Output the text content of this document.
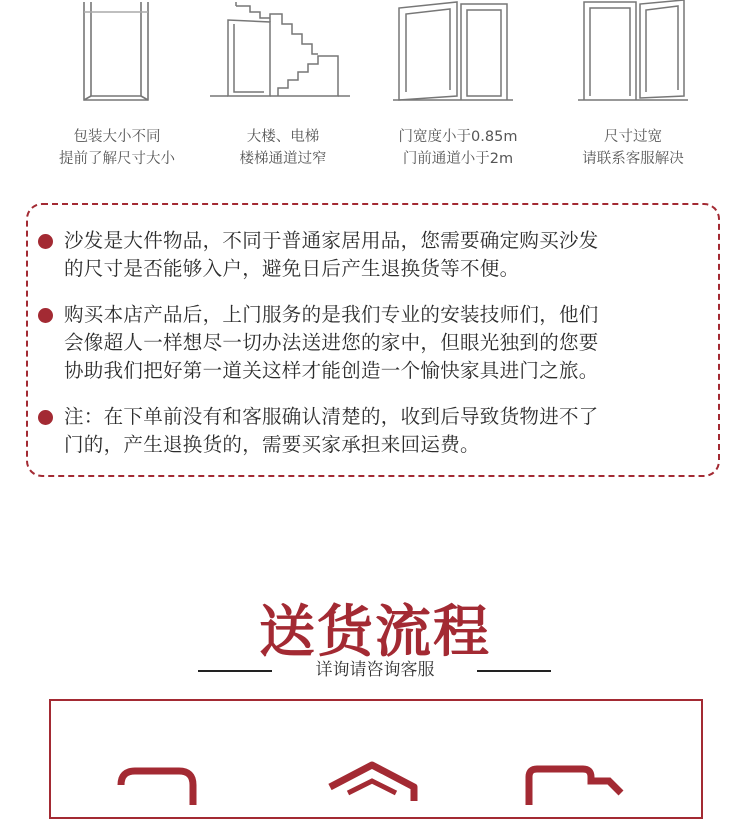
包装大小不同
提前了解尺寸大小
大楼、电梯
楼梯通道过窄
门宽度小于0.85m
门前通道小于2m
尺寸过宽
请联系客服解决
沙发是大件物品，不同于普通家居用品，您需要确定购买沙发
的尺寸是否能够入户，避免日后产生退换货等不便。
购买本店产品后，上门服务的是我们专业的安装技师们，他们
会像超人一样想尽一切办法送进您的家中，但眼光独到的您要
协助我们把好第一道关这样才能创造一个愉快家具进门之旅。
注：在下单前没有和客服确认清楚的，收到后导致货物进不了
门的，产生退换货的，需要买家承担来回运费。
送货流程
详询请咨询客服
